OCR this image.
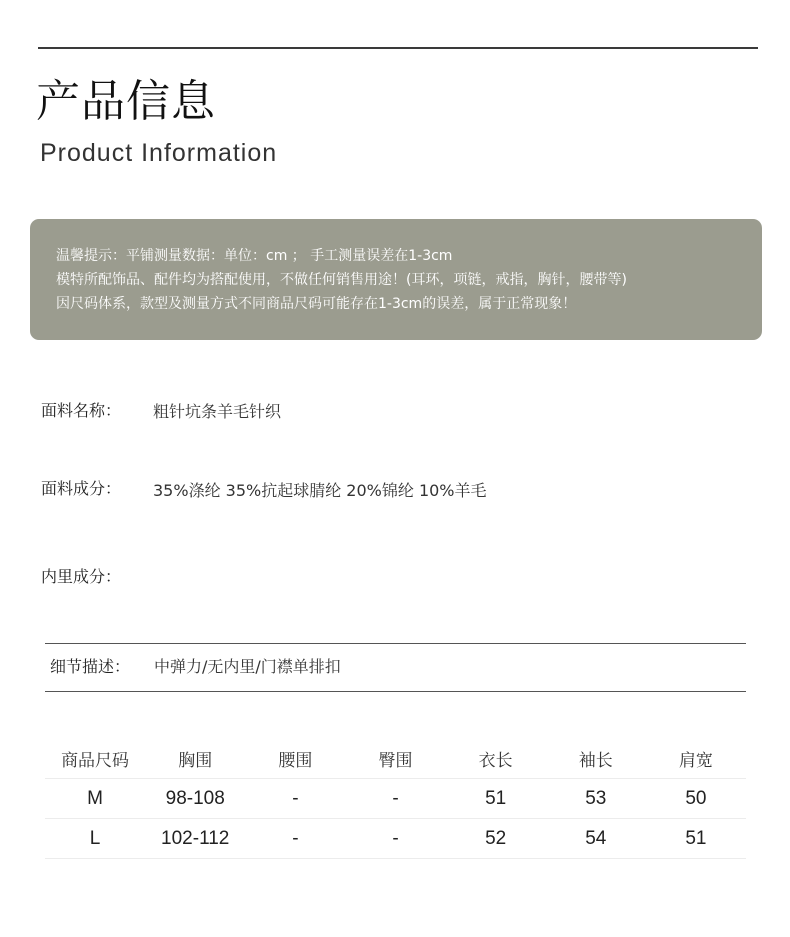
产品信息
Product Information
温馨提示：平铺测量数据：单位：cm ； 手工测量误差在1-3cm
模特所配饰品、配件均为搭配使用，不做任何销售用途！(耳环，项链，戒指，胸针，腰带等)
因尺码体系，款型及测量方式不同商品尺码可能存在1-3cm的误差，属于正常现象！
面料名称： 粗针坑条羊毛针织
面料成分： 35%涤纶 35%抗起球腈纶 20%锦纶 10%羊毛
内里成分：
细节描述： 中弹力/无内里/门襟单排扣
商品尺码	胸围	腰围	臀围	衣长	袖长	肩宽
M	98-108	-	-	51	53	50
L	102-112	-	-	52	54	51
